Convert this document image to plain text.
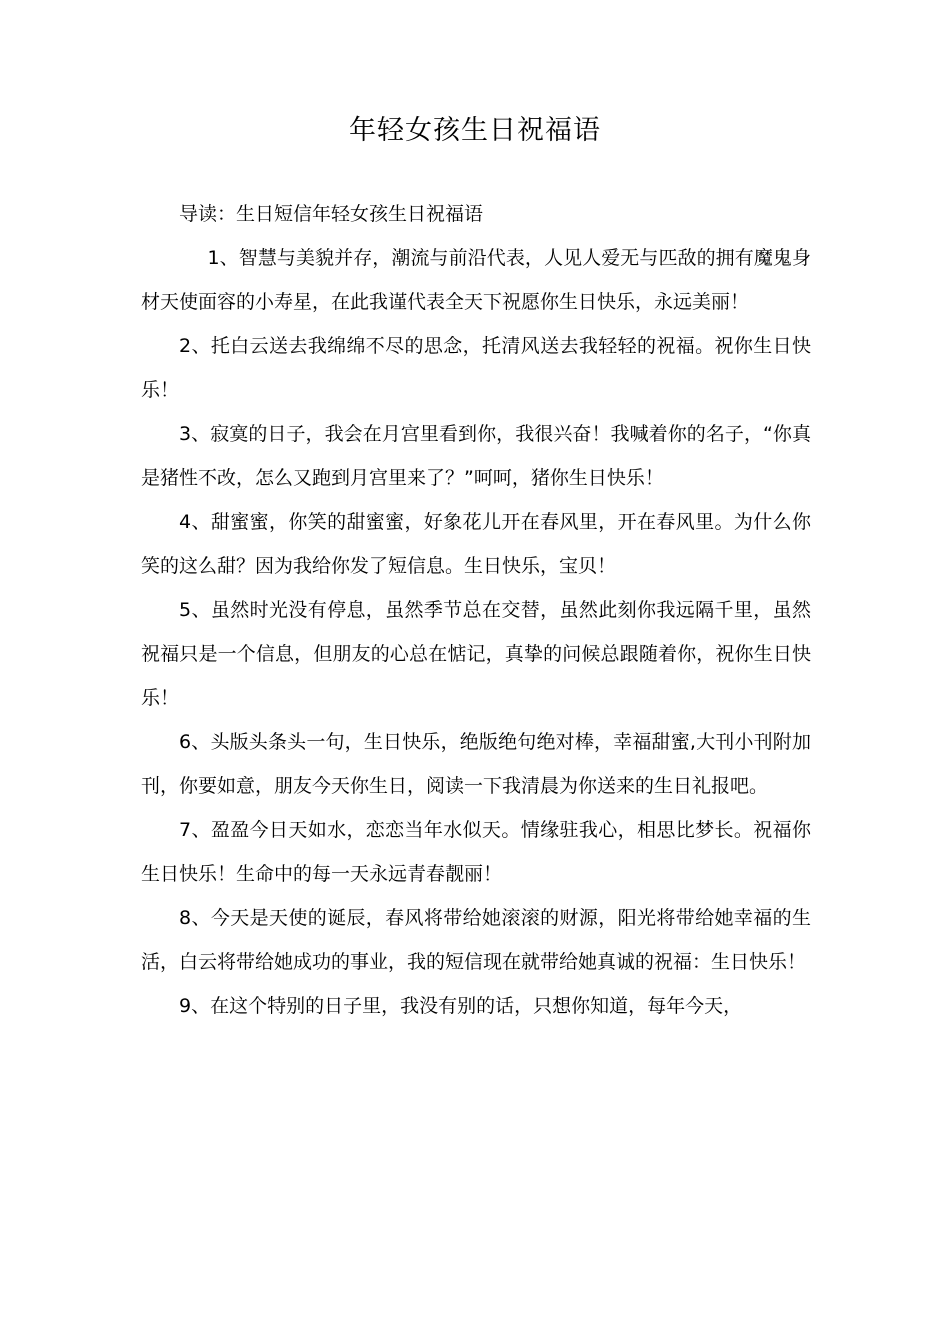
年轻女孩生日祝福语

导读：生日短信年轻女孩生日祝福语

1、智慧与美貌并存，潮流与前沿代表，人见人爱无与匹敌的拥有魔鬼身材天使面容的小寿星，在此我谨代表全天下祝愿你生日快乐，永远美丽！

2、托白云送去我绵绵不尽的思念，托清风送去我轻轻的祝福。祝你生日快乐！

3、寂寞的日子，我会在月宫里看到你，我很兴奋！我喊着你的名子，“你真是猪性不改，怎么又跑到月宫里来了？”呵呵，猪你生日快乐！

4、甜蜜蜜，你笑的甜蜜蜜，好象花儿开在春风里，开在春风里。为什么你笑的这么甜？因为我给你发了短信息。生日快乐，宝贝！

5、虽然时光没有停息，虽然季节总在交替，虽然此刻你我远隔千里，虽然祝福只是一个信息，但朋友的心总在惦记，真挚的问候总跟随着你，祝你生日快乐！

6、头版头条头一句，生日快乐，绝版绝句绝对棒，幸福甜蜜,大刊小刊附加刊，你要如意，朋友今天你生日，阅读一下我清晨为你送来的生日礼报吧。

7、盈盈今日天如水，恋恋当年水似天。情缘驻我心，相思比梦长。祝福你生日快乐！生命中的每一天永远青春靓丽！

8、今天是天使的诞辰，春风将带给她滚滚的财源，阳光将带给她幸福的生活，白云将带给她成功的事业，我的短信现在就带给她真诚的祝福：生日快乐！

9、在这个特别的日子里，我没有别的话，只想你知道，每年今天，
